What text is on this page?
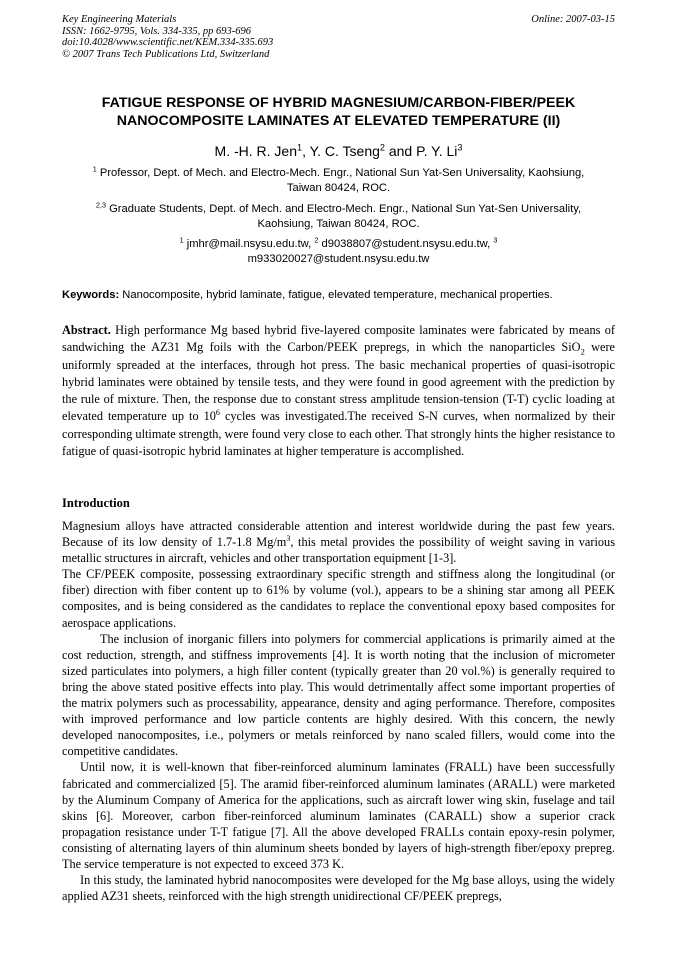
Key Engineering Materials
ISSN: 1662-9795, Vols. 334-335, pp 693-696
doi:10.4028/www.scientific.net/KEM.334-335.693
© 2007 Trans Tech Publications Ltd, Switzerland
Online: 2007-03-15
FATIGUE RESPONSE OF HYBRID MAGNESIUM/CARBON-FIBER/PEEK
NANOCOMPOSITE LAMINATES AT ELEVATED TEMPERATURE (II)
M. -H. R. Jen$^1$, Y. C. Tseng$^2$ and P. Y. Li$^3$
$^1$ Professor, Dept. of Mech. and Electro-Mech. Engr., National Sun Yat-Sen Universality, Kaohsiung,
Taiwan 80424, ROC.
$^{2,3}$ Graduate Students, Dept. of Mech. and Electro-Mech. Engr., National Sun Yat-Sen Universality,
Kaohsiung, Taiwan 80424, ROC.
$^1$ jmhr@mail.nsysu.edu.tw, $^2$ d9038807@student.nsysu.edu.tw, $^3$
m933020027@student.nsysu.edu.tw
Keywords: Nanocomposite, hybrid laminate, fatigue, elevated temperature, mechanical properties.
Abstract. High performance Mg based hybrid five-layered composite laminates were fabricated by means of sandwiching the AZ31 Mg foils with the Carbon/PEEK prepregs, in which the nanoparticles SiO$_2$ were uniformly spreaded at the interfaces, through hot press. The basic mechanical properties of quasi-isotropic hybrid laminates were obtained by tensile tests, and they were found in good agreement with the prediction by the rule of mixture. Then, the response due to constant stress amplitude tension-tension (T-T) cyclic loading at elevated temperature up to $10^6$ cycles was investigated.The received S-N curves, when normalized by their corresponding ultimate strength, were found very close to each other. That strongly hints the higher resistance to fatigue of quasi-isotropic hybrid laminates at higher temperature is accomplished.
Introduction

Magnesium alloys have attracted considerable attention and interest worldwide during the past few years. Because of its low density of 1.7-1.8 $Mg/m^3$, this metal provides the possibility of weight saving in various metallic structures in aircraft, vehicles and other transportation equipment [1-3].

The CF/PEEK composite, possessing extraordinary specific strength and stiffness along the longitudinal (or fiber) direction with fiber content up to 61% by volume (vol.), appears to be a shining star among all PEEK composites, and is being considered as the candidates to replace the conventional epoxy based composites for aerospace applications.

The inclusion of inorganic fillers into polymers for commercial applications is primarily aimed at the cost reduction, strength, and stiffness improvements [4]. It is worth noting that the inclusion of micrometer sized particulates into polymers, a high filler content (typically greater than 20 vol.%) is generally required to bring the above stated positive effects into play. This would detrimentally affect some important properties of the matrix polymers such as processability, appearance, density and aging performance. Therefore, composites with improved performance and low particle contents are highly desired. With this concern, the newly developed nanocomposites, i.e., polymers or metals reinforced by nano scaled fillers, would come into the competitive candidates.

Until now, it is well-known that fiber-reinforced aluminum laminates (FRALL) have been successfully fabricated and commercialized [5]. The aramid fiber-reinforced aluminum laminates (ARALL) were marketed by the Aluminum Company of America for the applications, such as aircraft lower wing skin, fuselage and tail skins [6]. Moreover, carbon fiber-reinforced aluminum laminates (CARALL) show a superior crack propagation resistance under T-T fatigue [7]. All the above developed FRALLs contain epoxy-resin polymer, consisting of alternating layers of thin aluminum sheets bonded by layers of high-strength fiber/epoxy prepreg. The service temperature is not expected to exceed 373 K.

In this study, the laminated hybrid nanocomposites were developed for the Mg base alloys, using the widely applied AZ31 sheets, reinforced with the high strength unidirectional CF/PEEK prepregs,
